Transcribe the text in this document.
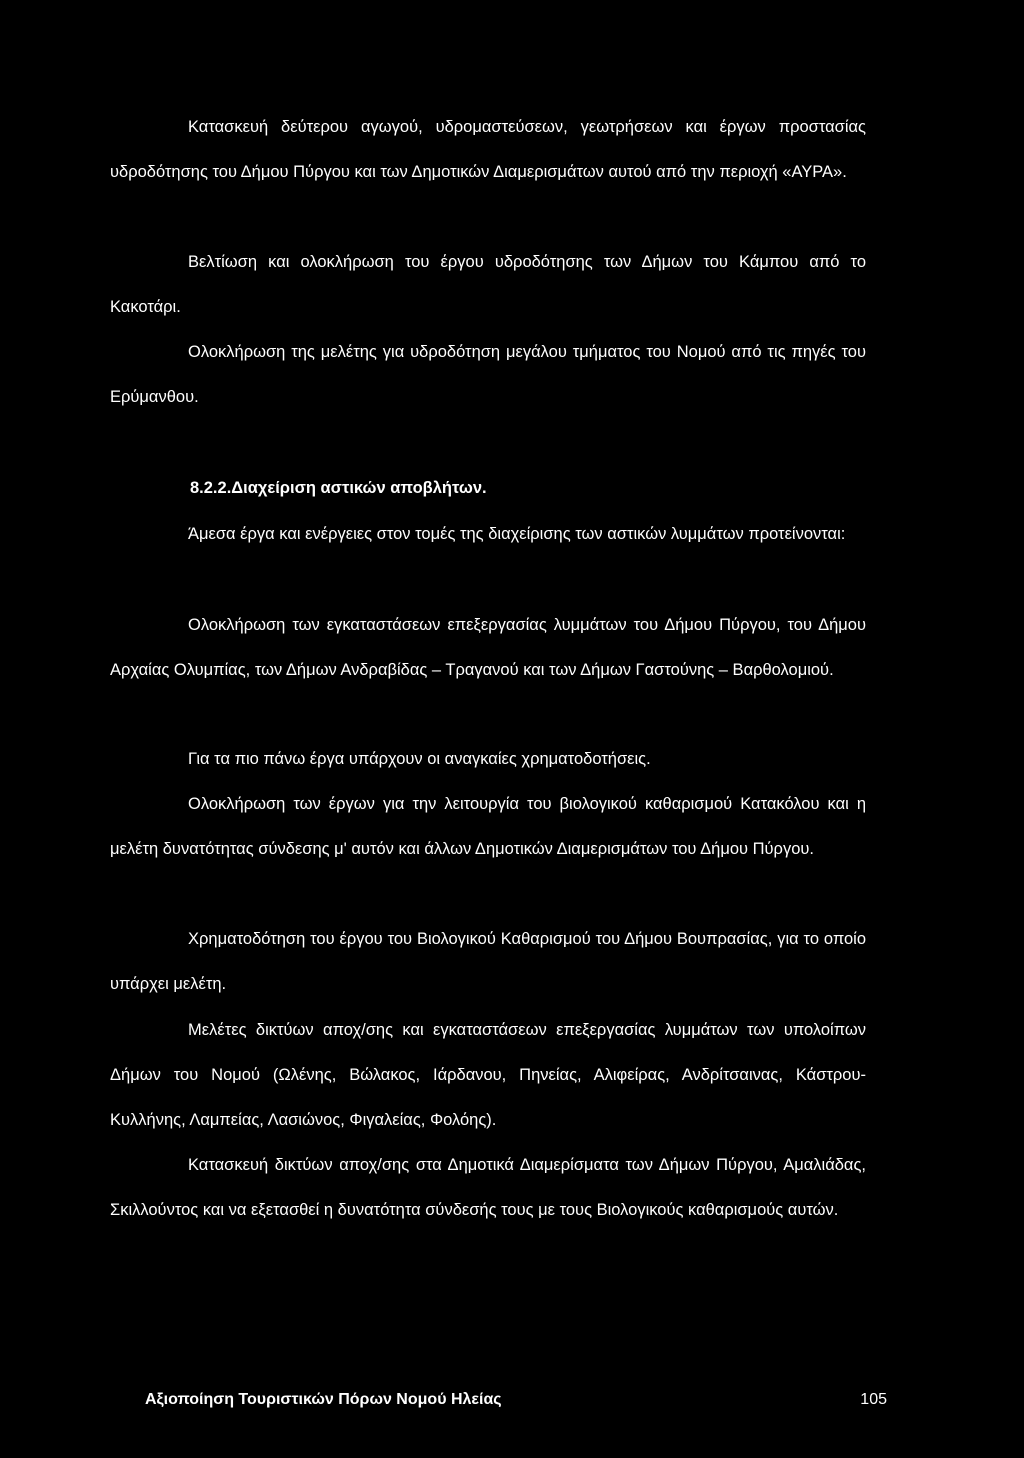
Κατασκευή δεύτερου αγωγού, υδρομαστεύσεων, γεωτρήσεων και έργων προστασίας υδροδότησης του Δήμου Πύργου και των Δημοτικών Διαμερισμάτων αυτού από την περιοχή «ΑΥΡΑ».

Βελτίωση και ολοκλήρωση του έργου υδροδότησης των Δήμων του Κάμπου από το Κακοτάρι.

Ολοκλήρωση της μελέτης για υδροδότηση μεγάλου τμήματος του Νομού από τις πηγές του Ερύμανθου.

8.2.2.Διαχείριση αστικών αποβλήτων.

Άμεσα έργα και ενέργειες στον τομές της διαχείρισης των αστικών λυμμάτων προτείνονται:

Ολοκλήρωση των εγκαταστάσεων επεξεργασίας λυμμάτων του Δήμου Πύργου, του Δήμου Αρχαίας Ολυμπίας, των Δήμων Ανδραβίδας – Τραγανού και των Δήμων Γαστούνης – Βαρθολομιού.

Για τα πιο πάνω έργα υπάρχουν οι αναγκαίες χρηματοδοτήσεις.

Ολοκλήρωση των έργων για την λειτουργία του βιολογικού καθαρισμού Κατακόλου και η μελέτη δυνατότητας σύνδεσης μ' αυτόν και άλλων Δημοτικών Διαμερισμάτων του Δήμου Πύργου.

Χρηματοδότηση του έργου του Βιολογικού Καθαρισμού του Δήμου Βουπρασίας, για το οποίο υπάρχει μελέτη.

Μελέτες δικτύων αποχ/σης και εγκαταστάσεων επεξεργασίας λυμμάτων των υπολοίπων Δήμων του Νομού (Ωλένης, Βώλακος, Ιάρδανου, Πηνείας, Αλιφείρας, Ανδρίτσαινας, Κάστρου- Κυλλήνης, Λαμπείας, Λασιώνος, Φιγαλείας, Φολόης).

Κατασκευή δικτύων αποχ/σης στα Δημοτικά Διαμερίσματα των Δήμων Πύργου, Αμαλιάδας, Σκιλλούντος και να εξετασθεί η δυνατότητα σύνδεσής τους με τους Βιολογικούς καθαρισμούς αυτών.

Αξιοποίηση Τουριστικών Πόρων Νομού Ηλείας	105
